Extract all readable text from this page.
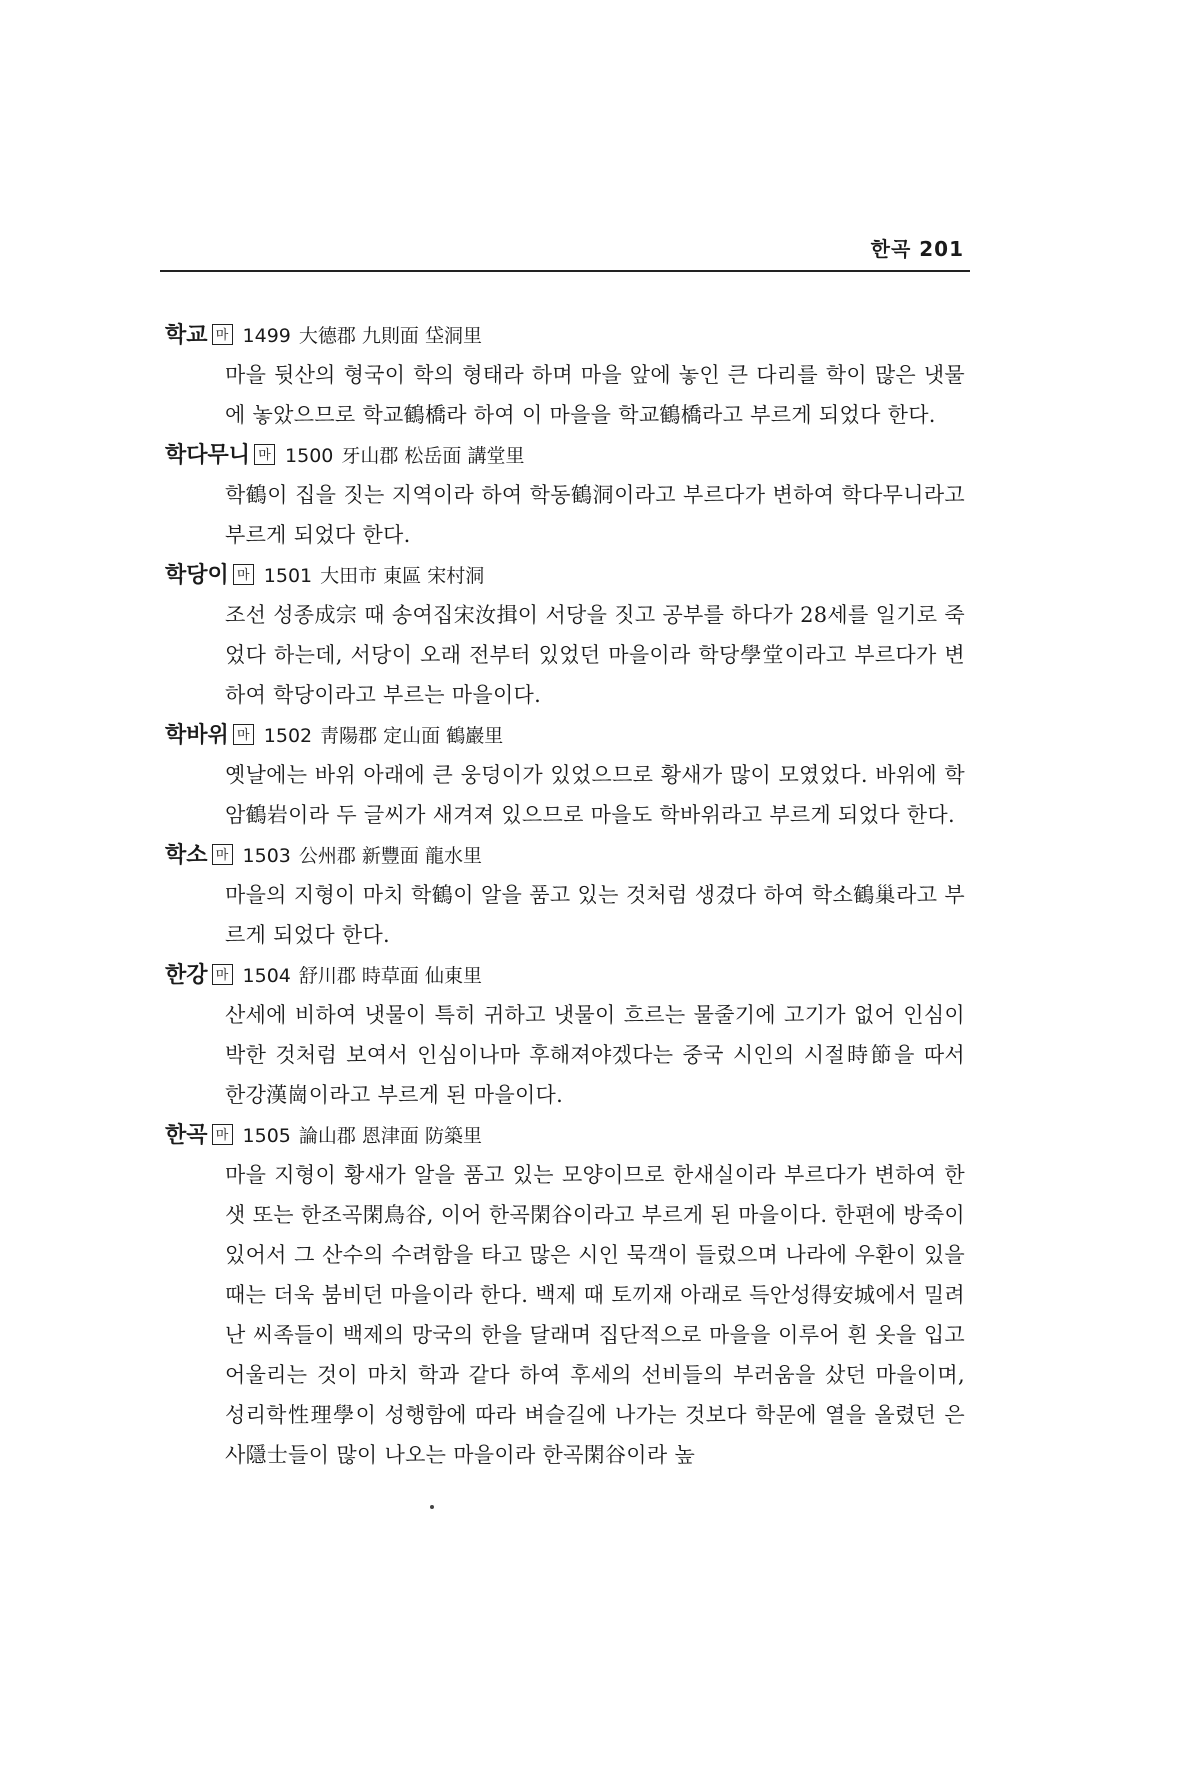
한곡 201
학교 마 1499 大德郡 九則面 垈洞里

마을 뒷산의 형국이 학의 형태라 하며 마을 앞에 놓인 큰 다리를 학이 많은 냇물에 놓았으므로 학교鶴橋라 하여 이 마을을 학교鶴橋라고 부르게 되었다 한다.

학다무니 마 1500 牙山郡 松岳面 講堂里

학鶴이 집을 짓는 지역이라 하여 학동鶴洞이라고 부르다가 변하여 학다무니라고 부르게 되었다 한다.

학당이 마 1501 大田市 東區 宋村洞

조선 성종成宗 때 송여집宋汝揖이 서당을 짓고 공부를 하다가 28세를 일기로 죽었다 하는데, 서당이 오래 전부터 있었던 마을이라 학당學堂이라고 부르다가 변하여 학당이라고 부르는 마을이다.

학바위 마 1502 靑陽郡 定山面 鶴巖里

옛날에는 바위 아래에 큰 웅덩이가 있었으므로 황새가 많이 모였었다. 바위에 학암鶴岩이라 두 글씨가 새겨져 있으므로 마을도 학바위라고 부르게 되었다 한다.

학소 마 1503 公州郡 新豐面 龍水里

마을의 지형이 마치 학鶴이 알을 품고 있는 것처럼 생겼다 하여 학소鶴巢라고 부르게 되었다 한다.

한강 마 1504 舒川郡 時草面 仙東里

산세에 비하여 냇물이 특히 귀하고 냇물이 흐르는 물줄기에 고기가 없어 인심이 박한 것처럼 보여서 인심이나마 후해져야겠다는 중국 시인의 시절時節을 따서 한강漢崗이라고 부르게 된 마을이다.

한곡 마 1505 論山郡 恩津面 防築里

마을 지형이 황새가 알을 품고 있는 모양이므로 한새실이라 부르다가 변하여 한샛 또는 한조곡閑鳥谷, 이어 한곡閑谷이라고 부르게 된 마을이다. 한편에 방죽이 있어서 그 산수의 수려함을 타고 많은 시인 묵객이 들렀으며 나라에 우환이 있을 때는 더욱 붐비던 마을이라 한다. 백제 때 토끼재 아래로 득안성得安城에서 밀려난 씨족들이 백제의 망국의 한을 달래며 집단적으로 마을을 이루어 흰 옷을 입고 어울리는 것이 마치 학과 같다 하여 후세의 선비들의 부러움을 샀던 마을이며, 성리학性理學이 성행함에 따라 벼슬길에 나가는 것보다 학문에 열을 올렸던 은사隱士들이 많이 나오는 마을이라 한곡閑谷이라 높
